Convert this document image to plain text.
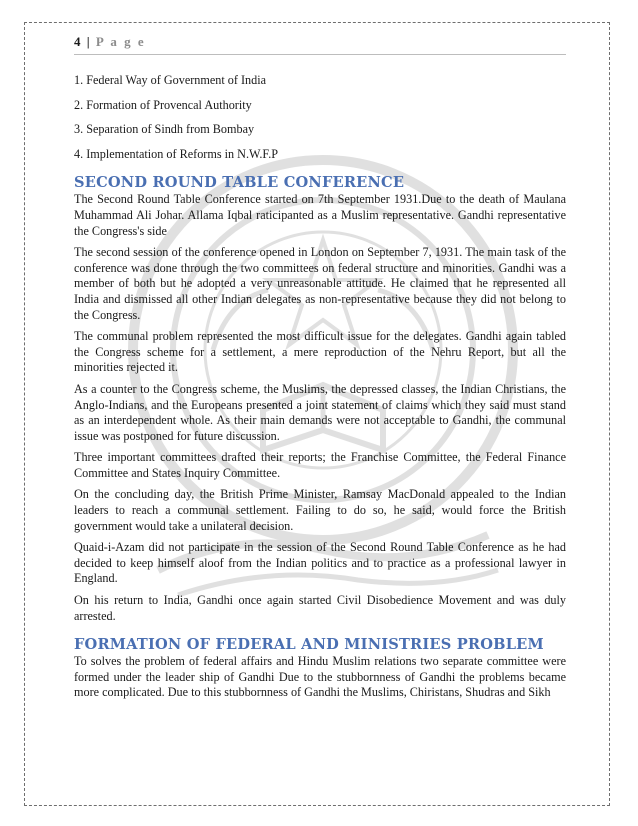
4 | P a g e
1. Federal Way of Government of India
2. Formation of Provencal Authority
3. Separation of Sindh from Bombay
4. Implementation of Reforms in N.W.F.P
SECOND ROUND TABLE CONFERENCE

The Second Round Table Conference started on 7th September 1931.Due to the death of Maulana Muhammad Ali Johar. Allama Iqbal raticipanted as a Muslim representative. Gandhi representative the Congress's side

The second session of the conference opened in London on September 7, 1931. The main task of the conference was done through the two committees on federal structure and minorities. Gandhi was a member of both but he adopted a very unreasonable attitude. He claimed that he represented all India and dismissed all other Indian delegates as non-representative because they did not belong to the Congress.

The communal problem represented the most difficult issue for the delegates. Gandhi again tabled the Congress scheme for a settlement, a mere reproduction of the Nehru Report, but all the minorities rejected it.

As a counter to the Congress scheme, the Muslims, the depressed classes, the Indian Christians, the Anglo-Indians, and the Europeans presented a joint statement of claims which they said must stand as an interdependent whole. As their main demands were not acceptable to Gandhi, the communal issue was postponed for future discussion.

Three important committees drafted their reports; the Franchise Committee, the Federal Finance Committee and States Inquiry Committee.

On the concluding day, the British Prime Minister, Ramsay MacDonald appealed to the Indian leaders to reach a communal settlement. Failing to do so, he said, would force the British government would take a unilateral decision.

Quaid-i-Azam did not participate in the session of the Second Round Table Conference as he had decided to keep himself aloof from the Indian politics and to practice as a professional lawyer in England.

On his return to India, Gandhi once again started Civil Disobedience Movement and was duly arrested.

FORMATION OF FEDERAL AND MINISTRIES PROBLEM

To solves the problem of federal affairs and Hindu Muslim relations two separate committee were formed under the leader ship of Gandhi Due to the stubbornness of Gandhi the problems became more complicated. Due to this stubbornness of Gandhi the Muslims, Chiristans, Shudras and Sikh
